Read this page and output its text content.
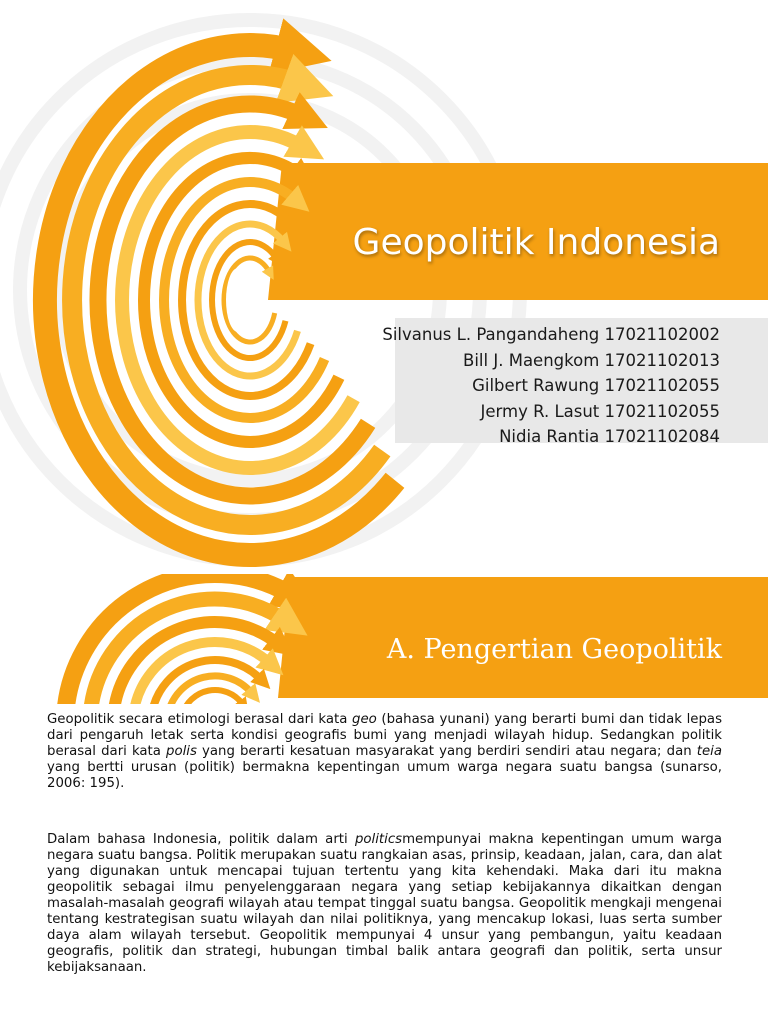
Geopolitik Indonesia
Silvanus L. Pangandaheng 17021102002
Bill J. Maengkom 17021102013
Gilbert Rawung 17021102055
Jermy R. Lasut 17021102055
Nidia Rantia 17021102084
A. Pengertian Geopolitik

Geopolitik secara etimologi berasal dari kata geo (bahasa yunani) yang berarti bumi dan tidak lepas dari pengaruh letak serta kondisi geografis bumi yang menjadi wilayah hidup. Sedangkan politik berasal dari kata polis yang berarti kesatuan masyarakat yang berdiri sendiri atau negara; dan teia yang bertti urusan (politik) bermakna kepentingan umum warga negara suatu bangsa (sunarso, 2006: 195).

Dalam bahasa Indonesia, politik dalam arti politicsmempunyai makna kepentingan umum warga negara suatu bangsa. Politik merupakan suatu rangkaian asas, prinsip, keadaan, jalan, cara, dan alat yang digunakan untuk mencapai tujuan tertentu yang kita kehendaki. Maka dari itu makna geopolitik sebagai ilmu penyelenggaraan negara yang setiap kebijakannya dikaitkan dengan masalah-masalah geografi wilayah atau tempat tinggal suatu bangsa. Geopolitik mengkaji mengenai tentang kestrategisan suatu wilayah dan nilai politiknya, yang mencakup lokasi, luas serta sumber daya alam wilayah tersebut. Geopolitik mempunyai 4 unsur yang pembangun, yaitu keadaan geografis, politik dan strategi, hubungan timbal balik antara geografi dan politik, serta unsur kebijaksanaan.
